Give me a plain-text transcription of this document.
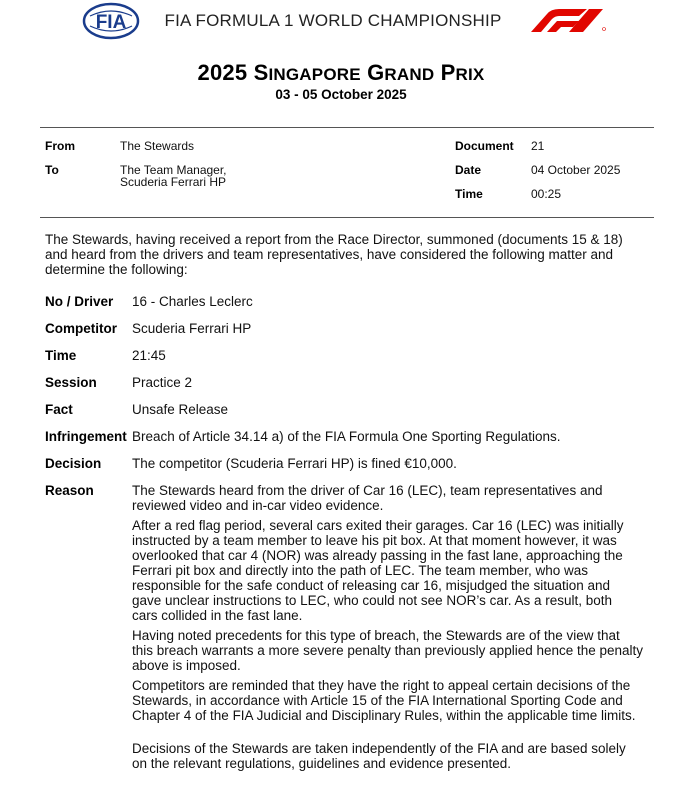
FIA	FIA FORMULA 1 WORLD CHAMPIONSHIP
2025 SINGAPORE GRAND PRIX
03 - 05 October 2025
From	The Stewards
To	The Team Manager,
Scuderia Ferrari HP
Document 21
Date	04 October 2025
Time	00:25
The Stewards, having received a report from the Race Director, summoned (documents 15 & 18)
and heard from the drivers and team representatives, have considered the following matter and
determine the following:
No / Driver 16 - Charles Leclerc
Competitor Scuderia Ferrari HP
Time	21:45
Session	Practice 2
Fact	Unsafe Release
Infringement Breach of Article 34.14 a) of the FIA Formula One Sporting Regulations.
Decision The competitor (Scuderia Ferrari HP) is fined €10,000.
Reason	The Stewards heard from the driver of Car 16 (LEC), team representatives and
reviewed video and in-car video evidence.
After a red flag period, several cars exited their garages. Car 16 (LEC) was initially
instructed by a team member to leave his pit box. At that moment however, it was
overlooked that car 4 (NOR) was already passing in the fast lane, approaching the
Ferrari pit box and directly into the path of LEC. The team member, who was
responsible for the safe conduct of releasing car 16, misjudged the situation and
gave unclear instructions to LEC, who could not see NOR’s car. As a result, both
cars collided in the fast lane.
Having noted precedents for this type of breach, the Stewards are of the view that
this breach warrants a more severe penalty than previously applied hence the penalty
above is imposed.
Competitors are reminded that they have the right to appeal certain decisions of the
Stewards, in accordance with Article 15 of the FIA International Sporting Code and
Chapter 4 of the FIA Judicial and Disciplinary Rules, within the applicable time limits.
Decisions of the Stewards are taken independently of the FIA and are based solely
on the relevant regulations, guidelines and evidence presented.
